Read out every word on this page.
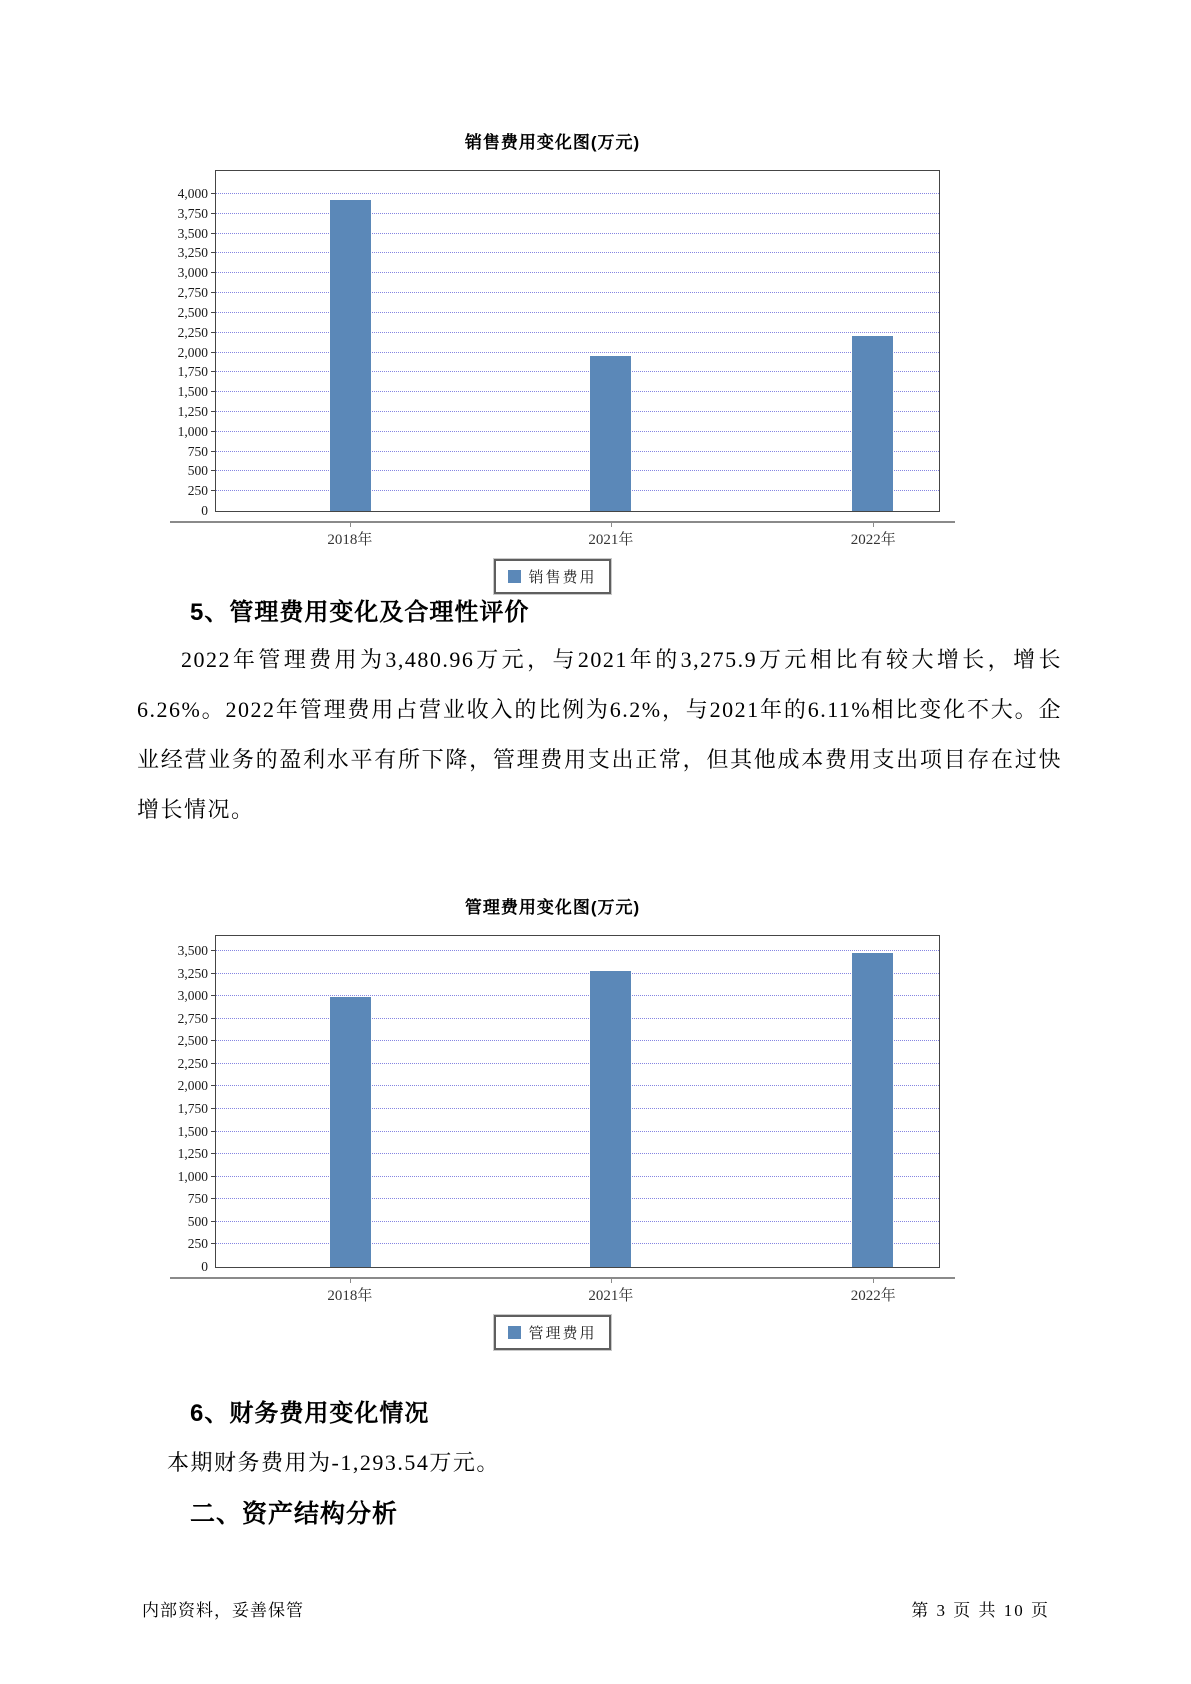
销售费用变化图(万元)
0
250
500
750
1,000
1,250
1,500
1,750
2,000
2,250
2,500
2,750
3,000
3,250
3,500
3,750
4,000
2018年	2021年	2022年
销售费用
5、管理费用变化及合理性评价
2022年管理费用为3,480.96万元，与2021年的3,275.9万元相比有较大增长，增长6.26%。2022年管理费用占营业收入的比例为6.2%，与2021年的6.11%相比变化不大。企业经营业务的盈利水平有所下降，管理费用支出正常，但其他成本费用支出项目存在过快增长情况。
管理费用变化图(万元)
0
250
500
750
1,000
1,250
1,500
1,750
2,000
2,250
2,500
2,750
3,000
3,250
3,500
2018年	2021年	2022年
管理费用
6、财务费用变化情况
本期财务费用为-1,293.54万元。
二、资产结构分析
内部资料，妥善保管	第 3 页 共 10 页
